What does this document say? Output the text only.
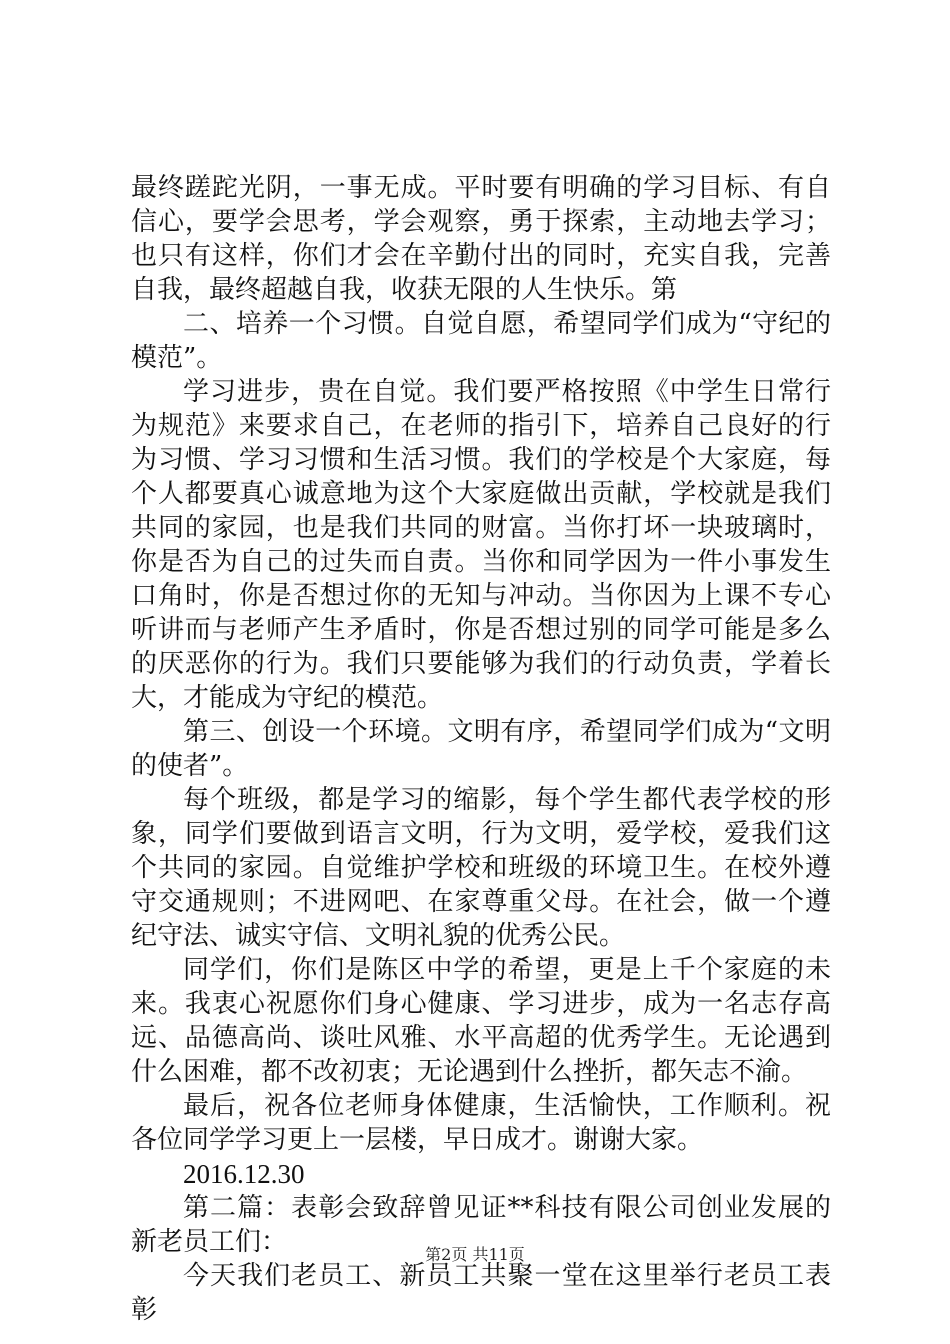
最终蹉跎光阴，一事无成。平时要有明确的学习目标、有自信心，要学会思考，学会观察，勇于探索，主动地去学习；也只有这样，你们才会在辛勤付出的同时，充实自我，完善自我，最终超越自我，收获无限的人生快乐。第

二、培养一个习惯。自觉自愿，希望同学们成为“守纪的模范”。

学习进步，贵在自觉。我们要严格按照《中学生日常行为规范》来要求自己，在老师的指引下，培养自己良好的行为习惯、学习习惯和生活习惯。我们的学校是个大家庭，每个人都要真心诚意地为这个大家庭做出贡献，学校就是我们共同的家园，也是我们共同的财富。当你打坏一块玻璃时，你是否为自己的过失而自责。当你和同学因为一件小事发生口角时，你是否想过你的无知与冲动。当你因为上课不专心听讲而与老师产生矛盾时，你是否想过别的同学可能是多么的厌恶你的行为。我们只要能够为我们的行动负责，学着长大，才能成为守纪的模范。

第三、创设一个环境。文明有序，希望同学们成为“文明的使者”。

每个班级，都是学习的缩影，每个学生都代表学校的形象，同学们要做到语言文明，行为文明，爱学校，爱我们这个共同的家园。自觉维护学校和班级的环境卫生。在校外遵守交通规则；不进网吧、在家尊重父母。在社会，做一个遵纪守法、诚实守信、文明礼貌的优秀公民。

同学们，你们是陈区中学的希望，更是上千个家庭的未来。我衷心祝愿你们身心健康、学习进步，成为一名志存高远、品德高尚、谈吐风雅、水平高超的优秀学生。无论遇到什么困难，都不改初衷；无论遇到什么挫折，都矢志不渝。

最后，祝各位老师身体健康，生活愉快，工作顺利。祝各位同学学习更上一层楼，早日成才。谢谢大家。

2016.12.30

第二篇：表彰会致辞曾见证**科技有限公司创业发展的新老员工们：

今天我们老员工、新员工共聚一堂在这里举行老员工表彰

第2页 共11页
